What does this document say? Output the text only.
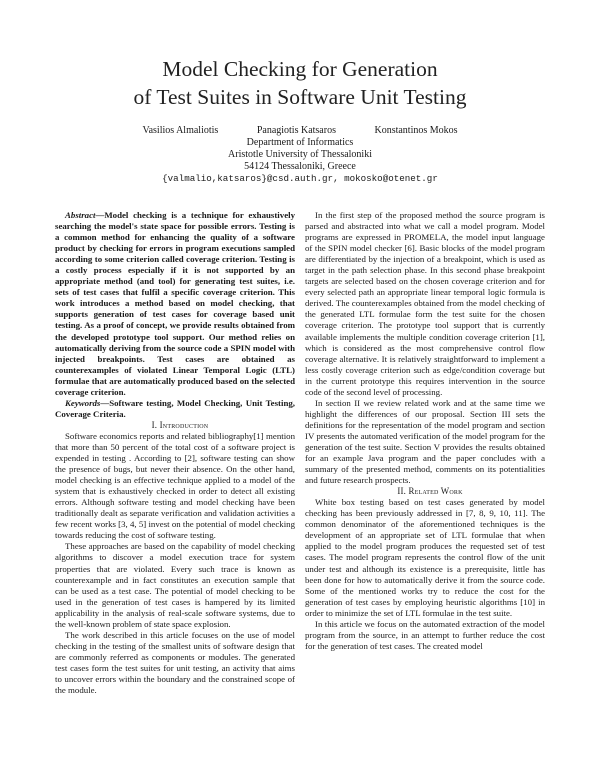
Model Checking for Generation
of Test Suites in Software Unit Testing
Vasilios Almaliotis	Panagiotis Katsaros	Konstantinos Mokos
Department of Informatics
Aristotle University of Thessaloniki
54124 Thessaloniki, Greece
{valmalio,katsaros}@csd.auth.gr, mokosko@otenet.gr

Abstract—Model checking is a technique for exhaustively searching the model's state space for possible errors. Testing is a common method for enhancing the quality of a software product by checking for errors in program executions sampled according to some criterion called coverage criterion. Testing is a costly process especially if it is not supported by an appropriate method (and tool) for generating test suites, i.e. sets of test cases that fulfil a specific coverage criterion. This work introduces a method based on model checking, that supports generation of test cases for coverage based unit testing. As a proof of concept, we provide results obtained from the developed prototype tool support. Our method relies on automatically deriving from the source code a SPIN model with injected breakpoints. Test cases are obtained as counterexamples of violated Linear Temporal Logic (LTL) formulae that are automatically produced based on the selected coverage criterion.

Keywords—Software testing, Model Checking, Unit Testing, Coverage Criteria.

I. Introduction

Software economics reports and related bibliography[1] mention that more than 50 percent of the total cost of a software project is expended in testing . According to [2], software testing can show the presence of bugs, but never their absence. On the other hand, model checking is an effective technique applied to a model of the system that is exhaustively checked in order to detect all existing errors. Although software testing and model checking have been traditionally dealt as separate verification and validation activities a few recent works [3, 4, 5] invest on the potential of model checking towards reducing the cost of software testing.

These approaches are based on the capability of model checking algorithms to discover a model execution trace for system properties that are violated. Every such trace is known as counterexample and in fact constitutes an execution sample that can be used as a test case. The potential of model checking to be used in the generation of test cases is hampered by its limited applicability in the analysis of real-scale software systems, due to the well-known problem of state space explosion.

The work described in this article focuses on the use of model checking in the testing of the smallest units of software design that are commonly referred as components or modules. The generated test cases form the test suites for unit testing, an activity that aims to uncover errors within the boundary and the constrained scope of the module.

In the first step of the proposed method the source program is parsed and abstracted into what we call a model program. Model programs are expressed in PROMELA, the model input language of the SPIN model checker [6]. Basic blocks of the model program are differentiated by the injection of a breakpoint, which is used as target in the path selection phase. In this second phase breakpoint targets are selected based on the chosen coverage criterion and for every selected path an appropriate linear temporal logic formula is derived. The counterexamples obtained from the model checking of the generated LTL formulae form the test suite for the chosen coverage criterion. The prototype tool support that is currently available implements the multiple condition coverage criterion [1], which is considered as the most comprehensive control flow coverage alternative. It is relatively straightforward to implement a less costly coverage criterion such as edge/condition coverage but in the current prototype this requires intervention in the source code of the second level of processing.

In section II we review related work and at the same time we highlight the differences of our proposal. Section III sets the definitions for the representation of the model program and section IV presents the automated verification of the model program for the generation of the test suite. Section V provides the results obtained for an example Java program and the paper concludes with a summary of the presented method, comments on its potentialities and future research prospects.

II. Related Work

White box testing based on test cases generated by model checking has been previously addressed in [7, 8, 9, 10, 11]. The common denominator of the aforementioned techniques is the development of an appropriate set of LTL formulae that when applied to the model program produces the requested set of test cases. The model program represents the control flow of the unit under test and although its existence is a prerequisite, little has been done for how to automatically derive it from the source code. Some of the mentioned works try to reduce the cost for the generation of test cases by employing heuristic algorithms [10] in order to minimize the set of LTL formulae in the test suite.

In this article we focus on the automated extraction of the model program from the source, in an attempt to further reduce the cost for the generation of test cases. The created model
